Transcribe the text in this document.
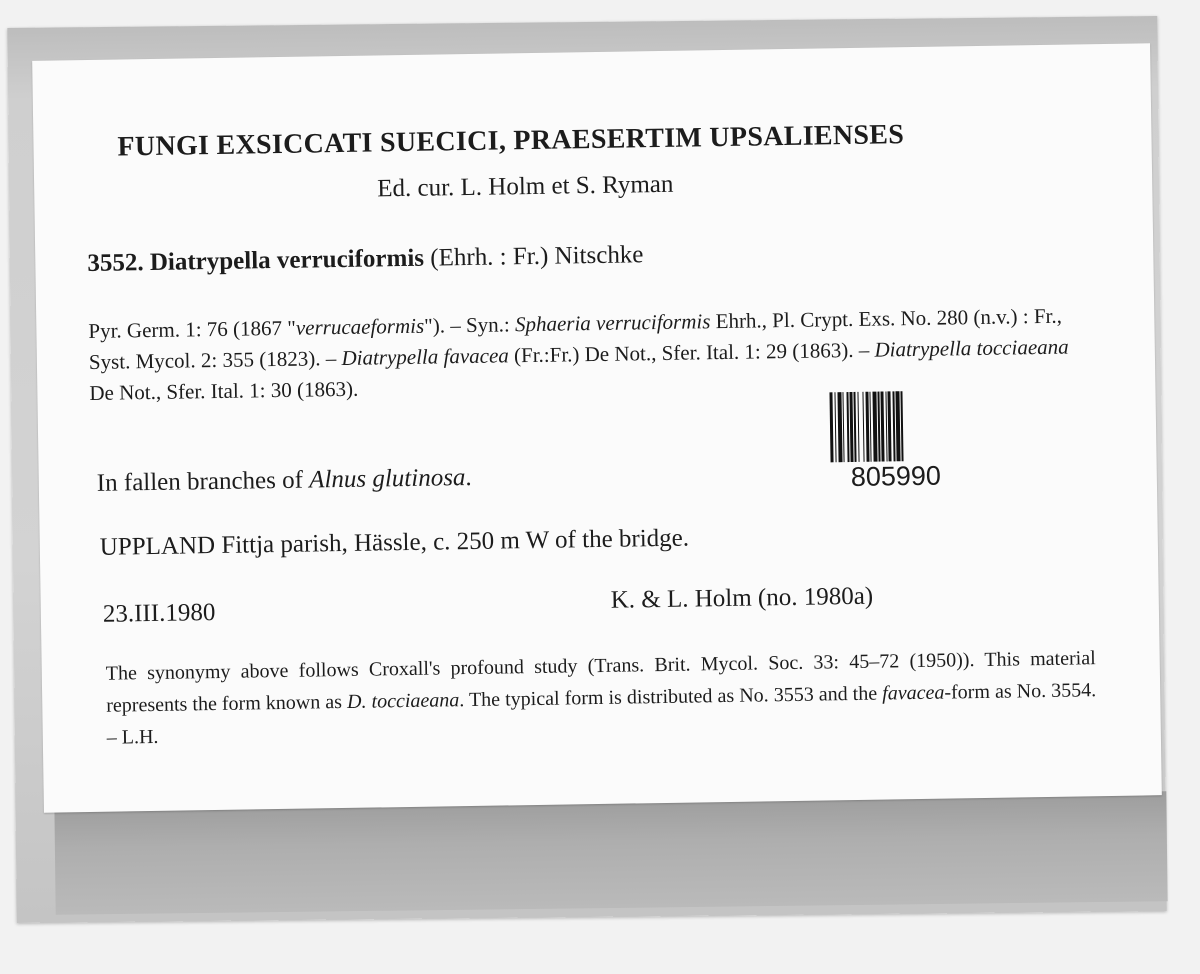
FUNGI EXSICCATI SUECICI, PRAESERTIM UPSALIENSES
Ed. cur. L. Holm et S. Ryman
3552. Diatrypella verruciformis (Ehrh. : Fr.) Nitschke
Pyr. Germ. 1: 76 (1867 "verrucaeformis"). – Syn.: Sphaeria verruciformis Ehrh., Pl. Crypt. Exs. No. 280 (n.v.) : Fr., Syst. Mycol. 2: 355 (1823). – Diatrypella favacea (Fr.:Fr.) De Not., Sfer. Ital. 1: 29 (1863). – Diatrypella tocciaeana De Not., Sfer. Ital. 1: 30 (1863).
805990
In fallen branches of Alnus glutinosa.
UPPLAND Fittja parish, Hässle, c. 250 m W of the bridge.
23.III.1980	K. & L. Holm (no. 1980a)
The synonymy above follows Croxall's profound study (Trans. Brit. Mycol. Soc. 33: 45–72 (1950)). This material represents the form known as D. tocciaeana. The typical form is distributed as No. 3553 and the favacea-form as No. 3554. – L.H.
